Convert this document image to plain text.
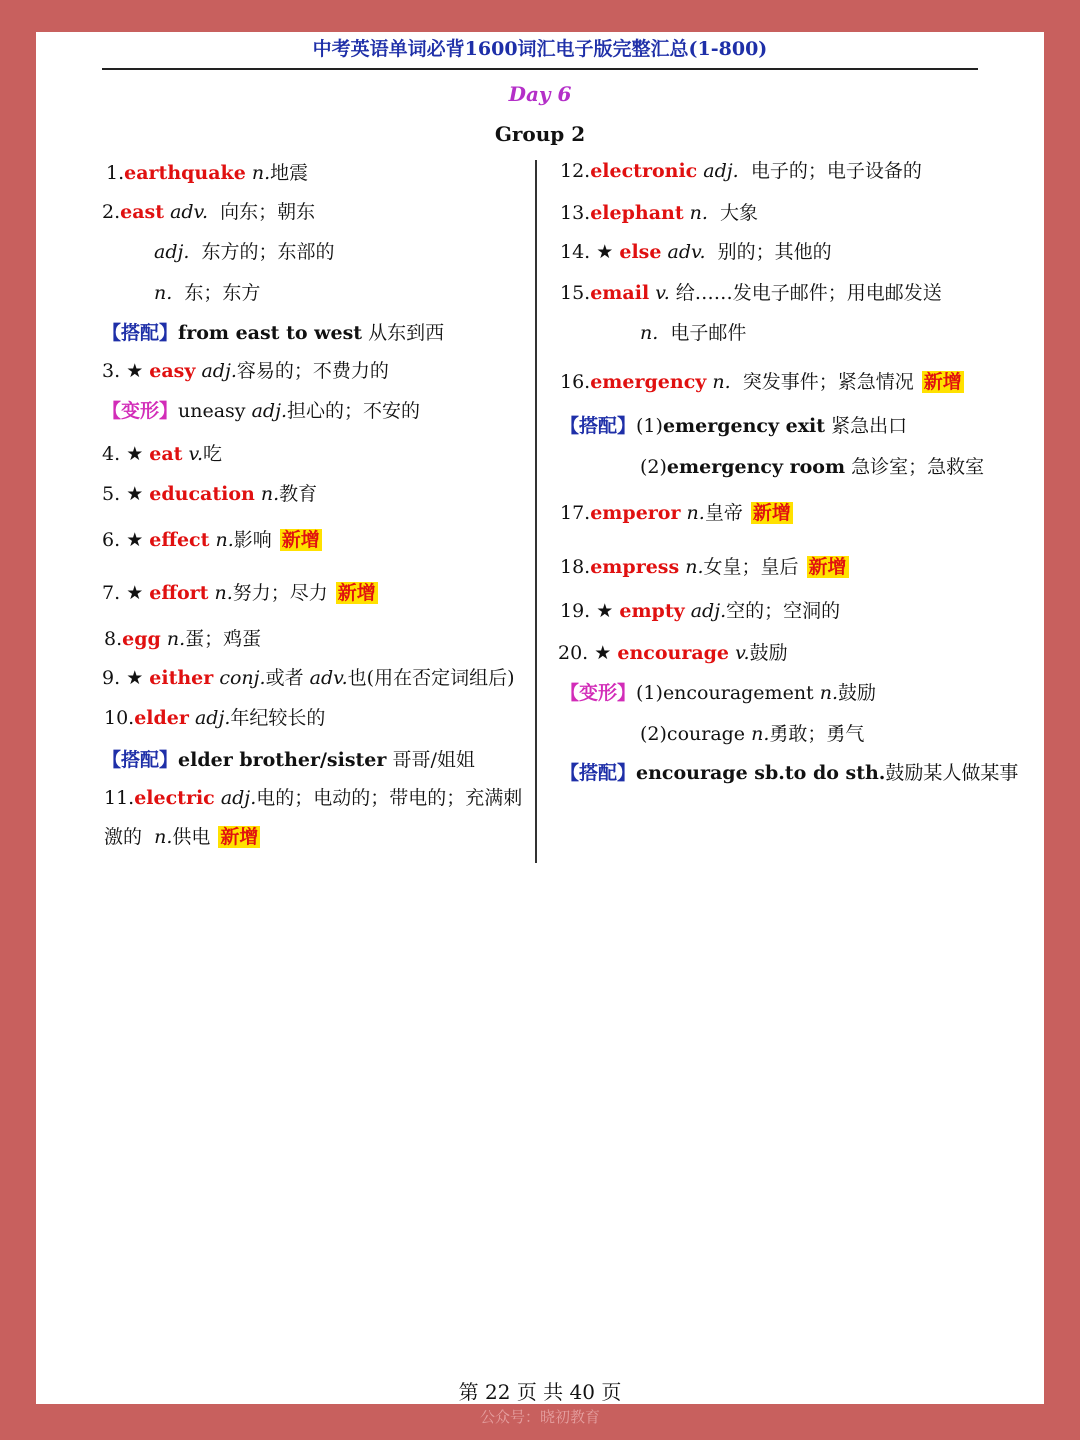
中考英语单词必背1600词汇电子版完整汇总(1-800)
Day 6
Group 2
1.earthquake n.地震
2.east adv. 向东；朝东
adj. 东方的；东部的
n. 东；东方
【搭配】from east to west 从东到西
3. ★ easy adj.容易的；不费力的
【变形】uneasy adj.担心的；不安的
4. ★ eat v.吃
5. ★ education n.教育
6. ★ effect n.影响 新增
7. ★ effort n.努力；尽力 新增
8.egg n.蛋；鸡蛋
9. ★ either conj.或者 adv.也(用在否定词组后)
10.elder adj.年纪较长的
【搭配】elder brother/sister 哥哥/姐姐
11.electric adj.电的；电动的；带电的；充满刺
激的 n.供电 新增
12.electronic adj. 电子的；电子设备的
13.elephant n. 大象
14. ★ else adv. 别的；其他的
15.email v. 给……发电子邮件；用电邮发送
n. 电子邮件
16.emergency n. 突发事件；紧急情况 新增
【搭配】(1)emergency exit 紧急出口
(2)emergency room 急诊室；急救室
17.emperor n.皇帝 新增
18.empress n.女皇；皇后 新增
19. ★ empty adj.空的；空洞的
20. ★ encourage v.鼓励
【变形】(1)encouragement n.鼓励
(2)courage n.勇敢；勇气
【搭配】encourage sb.to do sth.鼓励某人做某事
第 22 页 共 40 页
公众号：晓初教育
